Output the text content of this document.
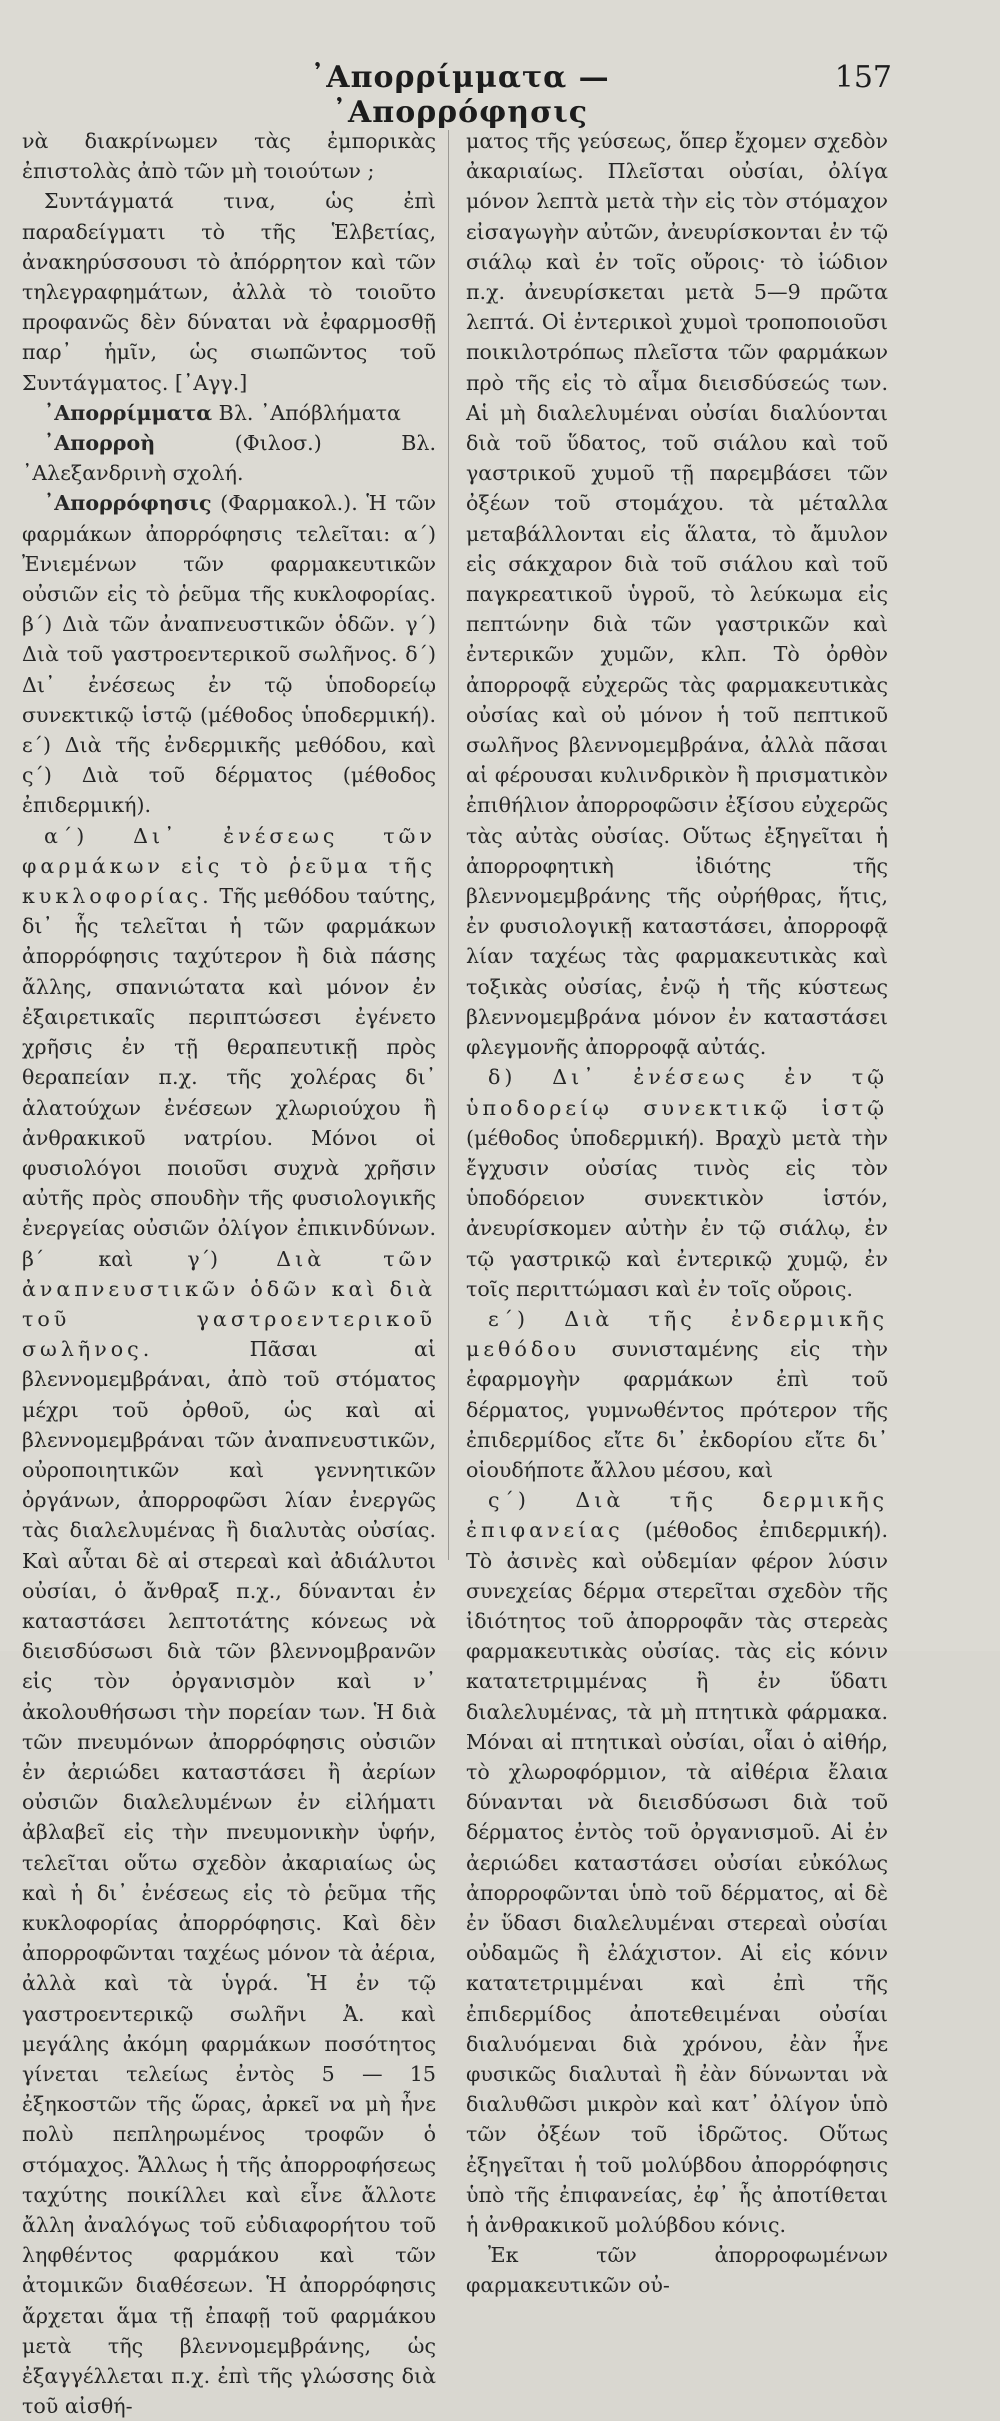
᾿Απορρίμματα — ᾿Απορρόφησις
157

νὰ διακρίνωμεν τὰς ἐμπορικὰς ἐπιστολὰς ἀπὸ τῶν μὴ τοιούτων ;

Συντάγματά τινα, ὡς ἐπὶ παραδείγματι τὸ τῆς Ἑλβετίας, ἀνακηρύσσουσι τὸ ἀπόρρητον καὶ τῶν τηλεγραφημάτων, ἀλλὰ τὸ τοιοῦτο προφανῶς δὲν δύναται νὰ ἐφαρμοσθῇ παρ᾿ ἡμῖν, ὡς σιωπῶντος τοῦ Συντάγματος. [᾿Αγγ.]

᾿Απορρίμματα Βλ. ᾿Απόβλήματα

᾿Απορροὴ (Φιλοσ.) Βλ. ᾿Αλεξανδρινὴ σχολή.

᾿Απορρόφησις (Φαρμακολ.). Ἡ τῶν φαρμάκων ἀπορρόφησις τελεῖται: α΄) Ἐνιεμένων τῶν φαρμακευτικῶν οὐσιῶν εἰς τὸ ῥεῦμα τῆς κυκλοφορίας. β΄) Διὰ τῶν ἀναπνευστικῶν ὁδῶν. γ΄) Διὰ τοῦ γαστροεντερικοῦ σωλῆνος. δ΄) Δι᾿ ἐνέσεως ἐν τῷ ὑποδορείῳ συνεκτικῷ ἱστῷ (μέθοδος ὑποδερμική). ε΄) Διὰ τῆς ἐνδερμικῆς μεθόδου, καὶ ς΄) Διὰ τοῦ δέρματος (μέθοδος ἐπιδερμική).

α΄) Δι᾿ ἐνέσεως τῶν φαρμάκων εἰς τὸ ῥεῦμα τῆς κυκλοφορίας. Τῆς μεθόδου ταύτης, δι᾿ ἧς τελεῖται ἡ τῶν φαρμάκων ἀπορρόφησις ταχύτερον ἢ διὰ πάσης ἄλλης, σπανιώτατα καὶ μόνον ἐν ἐξαιρετικαῖς περιπτώσεσι ἐγένετο χρῆσις ἐν τῇ θεραπευτικῇ πρὸς θεραπείαν π.χ. τῆς χολέρας δι᾿ ἁλατούχων ἐνέσεων χλωριούχου ἢ ἀνθρακικοῦ νατρίου. Μόνοι οἱ φυσιολόγοι ποιοῦσι συχνὰ χρῆσιν αὐτῆς πρὸς σπουδὴν τῆς φυσιολογικῆς ἐνεργείας οὐσιῶν ὀλίγον ἐπικινδύνων. β΄ καὶ γ΄) Διὰ τῶν ἀναπνευστικῶν ὁδῶν καὶ διὰ τοῦ γαστροεντερικοῦ σωλῆνος. Πᾶσαι αἱ βλεννομεμβράναι, ἀπὸ τοῦ στόματος μέχρι τοῦ ὀρθοῦ, ὡς καὶ αἱ βλεννομεμβράναι τῶν ἀναπνευστικῶν, οὐροποιητικῶν καὶ γεννητικῶν ὀργάνων, ἀπορροφῶσι λίαν ἐνεργῶς τὰς διαλελυμένας ἢ διαλυτὰς οὐσίας. Καὶ αὗται δὲ αἱ στερεαὶ καὶ ἀδιάλυτοι οὐσίαι, ὁ ἄνθραξ π.χ., δύνανται ἐν καταστάσει λεπτοτάτης κόνεως νὰ διεισδύσωσι διὰ τῶν βλεννομβρανῶν εἰς τὸν ὀργανισμὸν καὶ ν᾿ ἀκολουθήσωσι τὴν πορείαν των. Ἡ διὰ τῶν πνευμόνων ἀπορρόφησις οὐσιῶν ἐν ἀεριώδει καταστάσει ἢ ἀερίων οὐσιῶν διαλελυμένων ἐν εἰλήματι ἀβλαβεῖ εἰς τὴν πνευμονικὴν ὑφήν, τελεῖται οὕτω σχεδὸν ἀκαριαίως ὡς καὶ ἡ δι᾿ ἐνέσεως εἰς τὸ ῥεῦμα τῆς κυκλοφορίας ἀπορρόφησις. Καὶ δὲν ἀπορροφῶνται ταχέως μόνον τὰ ἀέρια, ἀλλὰ καὶ τὰ ὑγρά. Ἡ ἐν τῷ γαστροεντερικῷ σωλῆνι Ἀ. καὶ μεγάλης ἀκόμη φαρμάκων ποσότητος γίνεται τελείως ἐντὸς 5 — 15 ἐξηκοστῶν τῆς ὥρας, ἀρκεῖ να μὴ ἦνε πολὺ πεπληρωμένος τροφῶν ὁ στόμαχος. Ἄλλως ἡ τῆς ἀπορροφήσεως ταχύτης ποικίλλει καὶ εἶνε ἄλλοτε ἄλλη ἀναλόγως τοῦ εὐδιαφορήτου τοῦ ληφθέντος φαρμάκου καὶ τῶν ἀτομικῶν διαθέσεων. Ἡ ἀπορρόφησις ἄρχεται ἅμα τῇ ἐπαφῇ τοῦ φαρμάκου μετὰ τῆς βλεννομεμβράνης, ὡς ἐξαγγέλλεται π.χ. ἐπὶ τῆς γλώσσης διὰ τοῦ αἰσθή-

ματος τῆς γεύσεως, ὅπερ ἔχομεν σχεδὸν ἀκαριαίως. Πλεῖσται οὐσίαι, ὀλίγα μόνον λεπτὰ μετὰ τὴν εἰς τὸν στόμαχον εἰσαγωγὴν αὐτῶν, ἀνευρίσκονται ἐν τῷ σιάλῳ καὶ ἐν τοῖς οὔροις· τὸ ἰώδιον π.χ. ἀνευρίσκεται μετὰ 5—9 πρῶτα λεπτά. Οἱ ἐντερικοὶ χυμοὶ τροποποιοῦσι ποικιλοτρόπως πλεῖστα τῶν φαρμάκων πρὸ τῆς εἰς τὸ αἷμα διεισδύσεώς των. Αἱ μὴ διαλελυμέναι οὐσίαι διαλύονται διὰ τοῦ ὕδατος, τοῦ σιάλου καὶ τοῦ γαστρικοῦ χυμοῦ τῇ παρεμβάσει τῶν ὀξέων τοῦ στομάχου. τὰ μέταλλα μεταβάλλονται εἰς ἅλατα, τὸ ἄμυλον εἰς σάκχαρον διὰ τοῦ σιάλου καὶ τοῦ παγκρεατικοῦ ὑγροῦ, τὸ λεύκωμα εἰς πεπτώνην διὰ τῶν γαστρικῶν καὶ ἐντερικῶν χυμῶν, κλπ. Τὸ ὀρθὸν ἀπορροφᾷ εὐχερῶς τὰς φαρμακευτικὰς οὐσίας καὶ οὐ μόνον ἡ τοῦ πεπτικοῦ σωλῆνος βλεννομεμβράνα, ἀλλὰ πᾶσαι αἱ φέρουσαι κυλινδρικὸν ἢ πρισματικὸν ἐπιθήλιον ἀπορροφῶσιν ἐξίσου εὐχερῶς τὰς αὐτὰς οὐσίας. Οὕτως ἐξηγεῖται ἡ ἀπορροφητικὴ ἰδιότης τῆς βλεννομεμβράνης τῆς οὐρήθρας, ἥτις, ἐν φυσιολογικῇ καταστάσει, ἀπορροφᾷ λίαν ταχέως τὰς φαρμακευτικὰς καὶ τοξικὰς οὐσίας, ἐνῷ ἡ τῆς κύστεως βλεννομεμβράνα μόνον ἐν καταστάσει φλεγμονῆς ἀπορροφᾷ αὐτάς.

δ) Δι᾿ ἐνέσεως ἐν τῷ ὑποδορείῳ συνεκτικῷ ἱστῷ (μέθοδος ὑποδερμική). Βραχὺ μετὰ τὴν ἔγχυσιν οὐσίας τινὸς εἰς τὸν ὑποδόρειον συνεκτικὸν ἱστόν, ἀνευρίσκομεν αὐτὴν ἐν τῷ σιάλῳ, ἐν τῷ γαστρικῷ καὶ ἐντερικῷ χυμῷ, ἐν τοῖς περιττώμασι καὶ ἐν τοῖς οὔροις.

ε΄) Διὰ τῆς ἐνδερμικῆς μεθόδου συνισταμένης εἰς τὴν ἐφαρμογὴν φαρμάκων ἐπὶ τοῦ δέρματος, γυμνωθέντος πρότερον τῆς ἐπιδερμίδος εἴτε δι᾿ ἐκδορίου εἴτε δι᾿ οἱουδήποτε ἄλλου μέσου, καὶ

ς΄) Διὰ τῆς δερμικῆς ἐπιφανείας (μέθοδος ἐπιδερμική). Τὸ ἀσινὲς καὶ οὐδεμίαν φέρον λύσιν συνεχείας δέρμα στερεῖται σχεδὸν τῆς ἰδιότητος τοῦ ἀπορροφᾶν τὰς στερεὰς φαρμακευτικὰς οὐσίας. τὰς εἰς κόνιν κατατετριμμένας ἢ ἐν ὕδατι διαλελυμένας, τὰ μὴ πτητικὰ φάρμακα. Μόναι αἱ πτητικαὶ οὐσίαι, οἷαι ὁ αἰθήρ, τὸ χλωροφόρμιον, τὰ αἰθέρια ἔλαια δύνανται νὰ διεισδύσωσι διὰ τοῦ δέρματος ἐντὸς τοῦ ὀργανισμοῦ. Αἱ ἐν ἀεριώδει καταστάσει οὐσίαι εὐκόλως ἀπορροφῶνται ὑπὸ τοῦ δέρματος, αἱ δὲ ἐν ὕδασι διαλελυμέναι στερεαὶ οὐσίαι οὐδαμῶς ἢ ἐλάχιστον. Αἱ εἰς κόνιν κατατετριμμέναι καὶ ἐπὶ τῆς ἐπιδερμίδος ἀποτεθειμέναι οὐσίαι διαλυόμεναι διὰ χρόνου, ἐὰν ἦνε φυσικῶς διαλυταὶ ἢ ἐὰν δύνωνται νὰ διαλυθῶσι μικρὸν καὶ κατ᾿ ὀλίγον ὑπὸ τῶν ὀξέων τοῦ ἱδρῶτος. Οὕτως ἐξηγεῖται ἡ τοῦ μολύβδου ἀπορρόφησις ὑπὸ τῆς ἐπιφανείας, ἐφ᾿ ἧς ἀποτίθεται ἡ ἀνθρακικοῦ μολύβδου κόνις.

Ἐκ τῶν ἀπορροφωμένων φαρμακευτικῶν οὐ-
